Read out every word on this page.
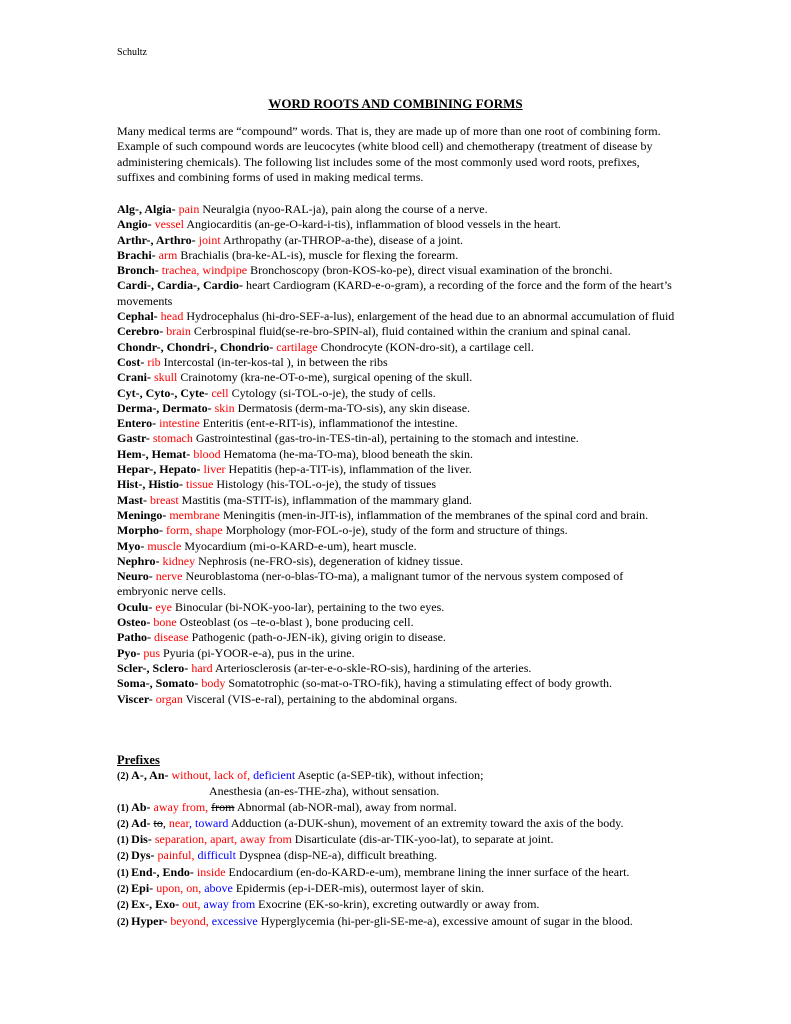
Schultz
WORD ROOTS AND COMBINING FORMS
Many medical terms are “compound” words. That is, they are made up of more than one root of combining form. Example of such compound words are leucocytes (white blood cell) and chemotherapy (treatment of disease by administering chemicals). The following list includes some of the most commonly used word roots, prefixes, suffixes and combining forms of used in making medical terms.

Alg-, Algia- pain Neuralgia (nyoo-RAL-ja), pain along the course of a nerve.

Angio- vessel Angiocarditis (an-ge-O-kard-i-tis), inflammation of blood vessels in the heart.

Arthr-, Arthro- joint Arthropathy (ar-THROP-a-the), disease of a joint.

Brachi- arm Brachialis (bra-ke-AL-is), muscle for flexing the forearm.

Bronch- trachea, windpipe Bronchoscopy (bron-KOS-ko-pe), direct visual examination of the bronchi.

Cardi-, Cardia-, Cardio- heart Cardiogram (KARD-e-o-gram), a recording of the force and the form of the heart’s movements

Cephal- head Hydrocephalus (hi-dro-SEF-a-lus), enlargement of the head due to an abnormal accumulation of fluid

Cerebro- brain Cerbrospinal fluid(se-re-bro-SPIN-al), fluid contained within the cranium and spinal canal.

Chondr-, Chondri-, Chondrio- cartilage Chondrocyte (KON-dro-sit), a cartilage cell.

Cost- rib Intercostal (in-ter-kos-tal ), in between the ribs

Crani- skull Crainotomy (kra-ne-OT-o-me), surgical opening of the skull.

Cyt-, Cyto-, Cyte- cell Cytology (si-TOL-o-je), the study of cells.

Derma-, Dermato- skin Dermatosis (derm-ma-TO-sis), any skin disease.

Entero- intestine Enteritis (ent-e-RIT-is), inflammationof the intestine.

Gastr- stomach Gastrointestinal (gas-tro-in-TES-tin-al), pertaining to the stomach and intestine.

Hem-, Hemat- blood Hematoma (he-ma-TO-ma), blood beneath the skin.

Hepar-, Hepato- liver Hepatitis (hep-a-TIT-is), inflammation of the liver.

Hist-, Histio- tissue Histology (his-TOL-o-je), the study of tissues

Mast- breast Mastitis (ma-STIT-is), inflammation of the mammary gland.

Meningo- membrane Meningitis (men-in-JIT-is), inflammation of the membranes of the spinal cord and brain.

Morpho- form, shape Morphology (mor-FOL-o-je), study of the form and structure of things.

Myo- muscle Myocardium (mi-o-KARD-e-um), heart muscle.

Nephro- kidney Nephrosis (ne-FRO-sis), degeneration of kidney tissue.

Neuro- nerve Neuroblastoma (ner-o-blas-TO-ma), a malignant tumor of the nervous system composed of embryonic nerve cells.

Oculu- eye Binocular (bi-NOK-yoo-lar), pertaining to the two eyes.

Osteo- bone Osteoblast (os –te-o-blast ), bone producing cell.

Patho- disease Pathogenic (path-o-JEN-ik), giving origin to disease.

Pyo- pus Pyuria (pi-YOOR-e-a), pus in the urine.

Scler-, Sclero- hard Arteriosclerosis (ar-ter-e-o-skle-RO-sis), hardining of the arteries.

Soma-, Somato- body Somatotrophic (so-mat-o-TRO-fik), having a stimulating effect of body growth.

Viscer- organ Visceral (VIS-e-ral), pertaining to the abdominal organs.

Prefixes

(2) A-, An- without, lack of, deficient Aseptic (a-SEP-tik), without infection;

Anesthesia (an-es-THE-zha), without sensation.

(1) Ab- away from, from Abnormal (ab-NOR-mal), away from normal.

(2) Ad- to, near, toward Adduction (a-DUK-shun), movement of an extremity toward the axis of the body.

(1) Dis- separation, apart, away from Disarticulate (dis-ar-TIK-yoo-lat), to separate at joint.

(2) Dys- painful, difficult Dyspnea (disp-NE-a), difficult breathing.

(1) End-, Endo- inside Endocardium (en-do-KARD-e-um), membrane lining the inner surface of the heart.

(2) Epi- upon, on, above Epidermis (ep-i-DER-mis), outermost layer of skin.

(2) Ex-, Exo- out, away from Exocrine (EK-so-krin), excreting outwardly or away from.

(2) Hyper- beyond, excessive Hyperglycemia (hi-per-gli-SE-me-a), excessive amount of sugar in the blood.
